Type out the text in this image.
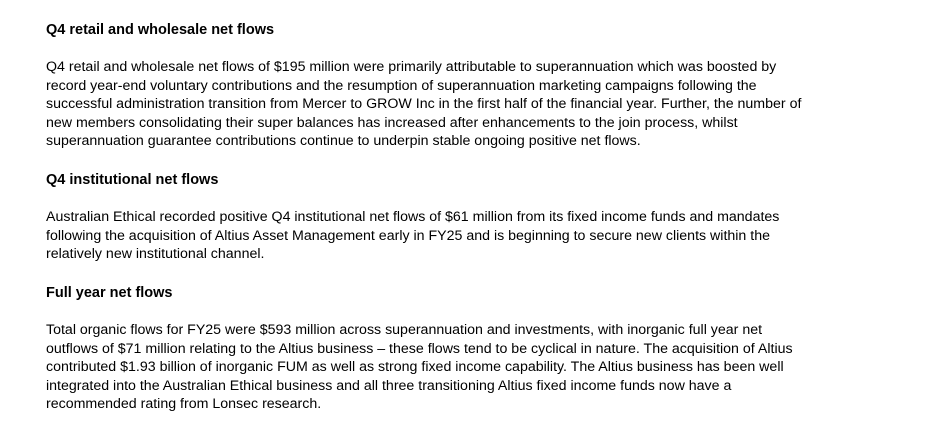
Q4 retail and wholesale net flows

Q4 retail and wholesale net flows of $195 million were primarily attributable to superannuation which was boosted by
record year-end voluntary contributions and the resumption of superannuation marketing campaigns following the
successful administration transition from Mercer to GROW Inc in the first half of the financial year. Further, the number of
new members consolidating their super balances has increased after enhancements to the join process, whilst
superannuation guarantee contributions continue to underpin stable ongoing positive net flows.

Q4 institutional net flows

Australian Ethical recorded positive Q4 institutional net flows of $61 million from its fixed income funds and mandates
following the acquisition of Altius Asset Management early in FY25 and is beginning to secure new clients within the
relatively new institutional channel.

Full year net flows

Total organic flows for FY25 were $593 million across superannuation and investments, with inorganic full year net
outflows of $71 million relating to the Altius business – these flows tend to be cyclical in nature. The acquisition of Altius
contributed $1.93 billion of inorganic FUM as well as strong fixed income capability. The Altius business has been well
integrated into the Australian Ethical business and all three transitioning Altius fixed income funds now have a
recommended rating from Lonsec research.
